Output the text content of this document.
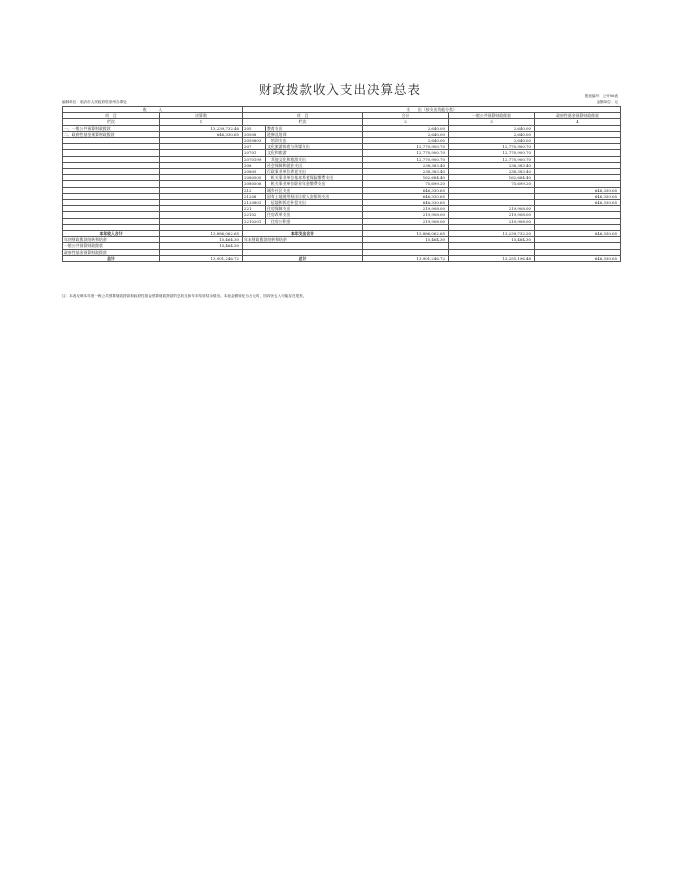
财政拨款收入支出决算总表	报表编号：公开06表
金额单位：元
编制单位：临沂市人民政府驻泉州办事处
收　　　入		支　　出（按支出功能分类）				
项　目	决算数	项　目		合计	一般公共预算财政拨款	政府性基金预算财政拨款
栏次	1	栏次		2	3	4
一、一般公共预算财政拨款	13,239,732.46	205	教育支出	2,640.00	2,640.00	
二、政府性基金预算财政拨款	646,330.65	20508	进修及培训	2,640.00	2,640.00	
		2050803	　培训支出	2,640.00	2,640.00	
		207	文化旅游体育与传媒支出	12,770,900.70	12,770,900.70	
		20701	文化和旅游	12,770,900.70	12,770,900.70	
		2070199	　其他文化和旅游支出	12,770,900.70	12,770,900.70	
		208	社会保障和就业支出	238,383.40	238,383.40	
		20805	行政事业单位养老支出	238,383.40	238,383.40	
		2080505	　机关事业单位基本养老保险缴费支出	162,684.40	162,684.40	
		2080506	　机关事业单位职业年金缴费支出	75,699.20	75,699.20	
		212	城乡社区支出	646,330.65		646,330.65
		21208	国有土地使用权出让收入安排的支出	646,330.65		646,330.65
		2120801	　征地和拆迁补偿支出	646,330.65		646,330.65
		221	住房保障支出	219,908.00	219,908.00	
		22102	住房改革支出	219,908.00	219,908.00	
		2210201	　住房公积金	219,908.00	219,908.00	

本年收入合计	13,886,062.65	本年支出合计		13,886,062.65	13,239,732.20	646,330.65
年初财政拨款结转和结余	15,464.30	年末财政拨款结转和结余		15,464.30	15,464.30	
一般公共预算财政拨款	15,464.30					
政府性基金预算财政拨款						
总计	13,901,246.72	总计		13,901,246.72	13,255,196.48	646,330.65
注：本表反映本年度一般公共预算财政拨款和政府性基金预算财政拨款的总收支和年末结转结余情况。本表金额转化为万元时，因四舍五入可能存在尾差。
